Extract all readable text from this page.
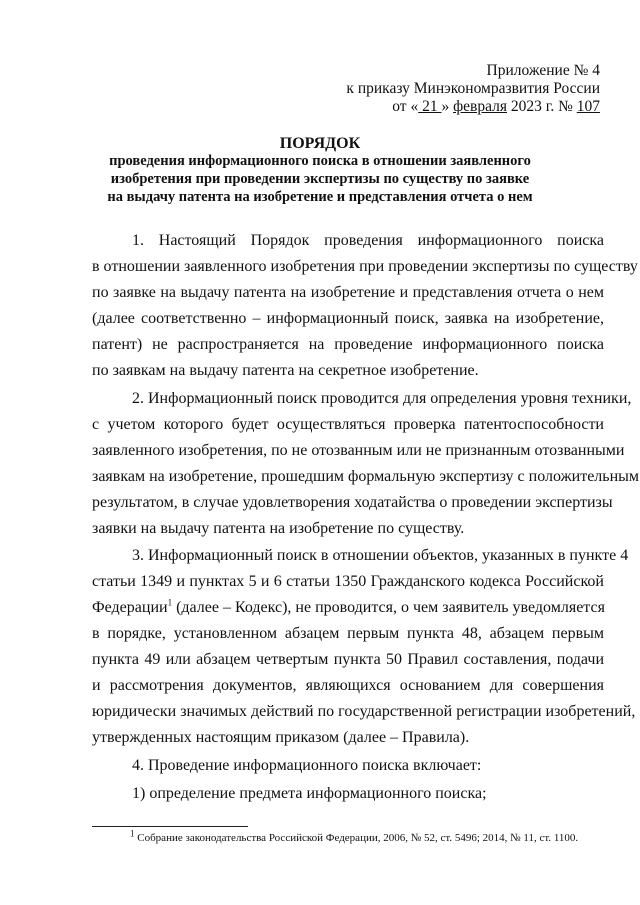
Приложение № 4
к приказу Минэкономразвития России
от « 21 » февраля 2023 г. № 107
ПОРЯДОК
проведения информационного поиска в отношении заявленного
изобретения при проведении экспертизы по существу по заявке
на выдачу патента на изобретение и представления отчета о нем
1. Настоящий Порядок проведения информационного поиска
в отношении заявленного изобретения при проведении экспертизы по существу
по заявке на выдачу патента на изобретение и представления отчета о нем
(далее соответственно – информационный поиск, заявка на изобретение,
патент) не распространяется на проведение информационного поиска
по заявкам на выдачу патента на секретное изобретение.
2. Информационный поиск проводится для определения уровня техники,
с учетом которого будет осуществляться проверка патентоспособности
заявленного изобретения, по не отозванным или не признанным отозванными
заявкам на изобретение, прошедшим формальную экспертизу с положительным
результатом, в случае удовлетворения ходатайства о проведении экспертизы
заявки на выдачу патента на изобретение по существу.
3. Информационный поиск в отношении объектов, указанных в пункте 4
статьи 1349 и пунктах 5 и 6 статьи 1350 Гражданского кодекса Российской
Федерации$^1$ (далее – Кодекс), не проводится, о чем заявитель уведомляется
в порядке, установленном абзацем первым пункта 48, абзацем первым
пункта 49 или абзацем четвертым пункта 50 Правил составления, подачи
и рассмотрения документов, являющихся основанием для совершения
юридически значимых действий по государственной регистрации изобретений,
утвержденных настоящим приказом (далее – Правила).
4. Проведение информационного поиска включает:
1) определение предмета информационного поиска;
$^1$ Собрание законодательства Российской Федерации, 2006, № 52, ст. 5496; 2014, № 11, ст. 1100.
